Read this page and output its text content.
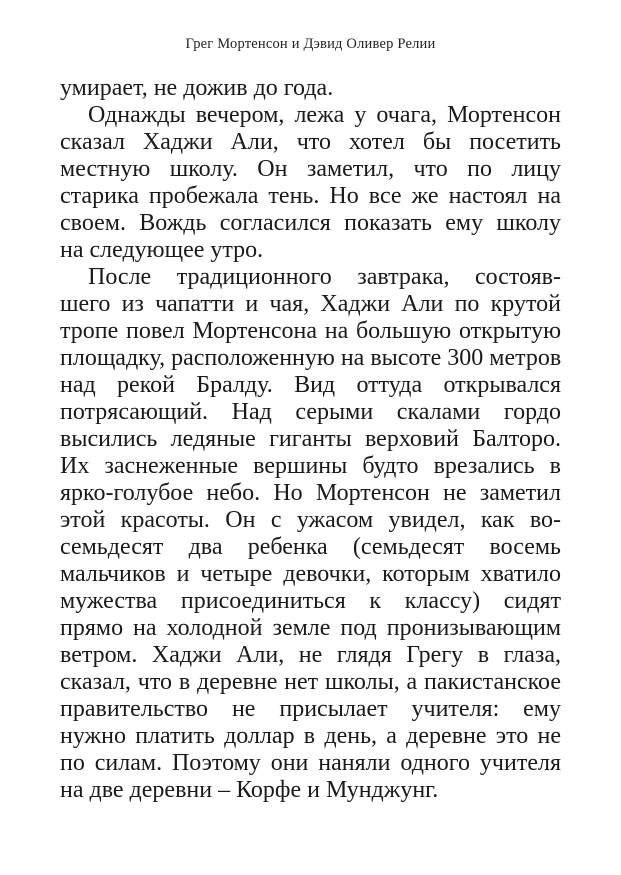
Грег Мортенсон и Дэвид Оливер Релии
умирает, не дожив до года.
Однажды вечером, лежа у очага, Мортенсон
сказал Хаджи Али, что хотел бы посетить
местную школу. Он заметил, что по лицу
старика пробежала тень. Но все же настоял на
своем. Вождь согласился показать ему школу
на следующее утро.
После традиционного завтрака, состояв-
шего из чапатти и чая, Хаджи Али по крутой
тропе повел Мортенсона на большую открытую
площадку, расположенную на высоте 300 метров
над рекой Бралду. Вид оттуда открывался
потрясающий. Над серыми скалами гордо
высились ледяные гиганты верховий Балторо.
Их заснеженные вершины будто врезались в
ярко-голубое небо. Но Мортенсон не заметил
этой красоты. Он с ужасом увидел, как во-
семьдесят два ребенка (семьдесят восемь
мальчиков и четыре девочки, которым хватило
мужества присоединиться к классу) сидят
прямо на холодной земле под пронизывающим
ветром. Хаджи Али, не глядя Грегу в глаза,
сказал, что в деревне нет школы, а пакистанское
правительство не присылает учителя: ему
нужно платить доллар в день, а деревне это не
по силам. Поэтому они наняли одного учителя
на две деревни – Корфе и Мунджунг.
